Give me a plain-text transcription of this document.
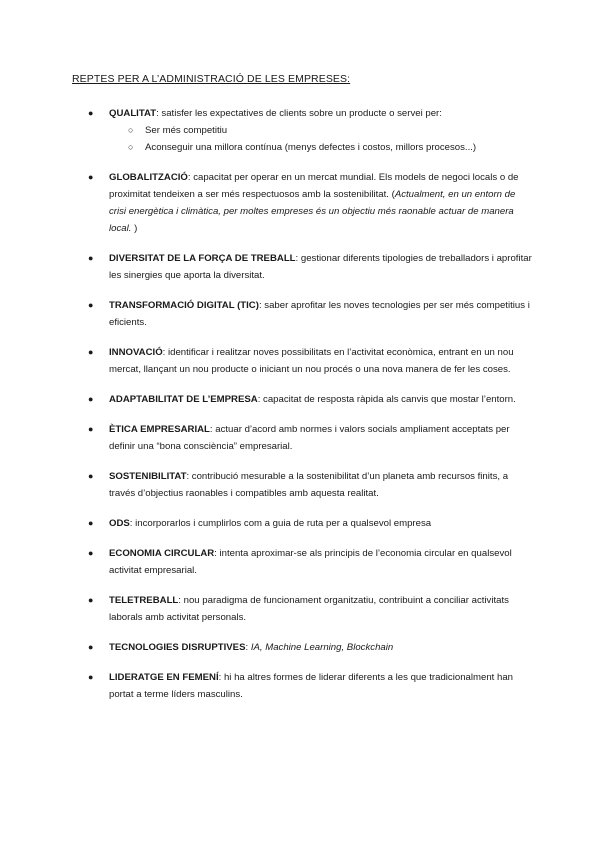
REPTES PER A L’ADMINISTRACIÓ DE LES EMPRESES:
● QUALITAT: satisfer les expectatives de clients sobre un producte o servei per:
○ Ser més competitiu
○ Aconseguir una millora contínua (menys defectes i costos, millors procesos...)
● GLOBALITZACIÓ: capacitat per operar en un mercat mundial. Els models de negoci locals o de proximitat tendeixen a ser més respectuosos amb la sostenibilitat. (Actualment, en un entorn de crisi energètica i climàtica, per moltes empreses és un objectiu més raonable actuar de manera local. )
● DIVERSITAT DE LA FORÇA DE TREBALL: gestionar diferents tipologies de treballadors i aprofitar les sinergies que aporta la diversitat.
● TRANSFORMACIÓ DIGITAL (TIC): saber aprofitar les noves tecnologies per ser més competitius i eficients.
● INNOVACIÓ: identificar i realitzar noves possibilitats en l’activitat econòmica, entrant en un nou mercat, llançant un nou producte o iniciant un nou procés o una nova manera de fer les coses.
● ADAPTABILITAT DE L’EMPRESA: capacitat de resposta ràpida als canvis que mostar l’entorn.
● ÈTICA EMPRESARIAL: actuar d’acord amb normes i valors socials ampliament acceptats per definir una “bona consciència” empresarial.
● SOSTENIBILITAT: contribució mesurable a la sostenibilitat d’un planeta amb recursos finits, a través d’objectius raonables i compatibles amb aquesta realitat.
● ODS: incorporarlos i cumplirlos com a guia de ruta per a qualsevol empresa
● ECONOMIA CIRCULAR: intenta aproximar-se als principis de l’economia circular en qualsevol activitat empresarial.
● TELETREBALL: nou paradigma de funcionament organitzatiu, contribuint a conciliar activitats laborals amb activitat personals.
● TECNOLOGIES DISRUPTIVES: IA, Machine Learning, Blockchain
● LIDERATGE EN FEMENÍ: hi ha altres formes de liderar diferents a les que tradicionalment han portat a terme líders masculins.
